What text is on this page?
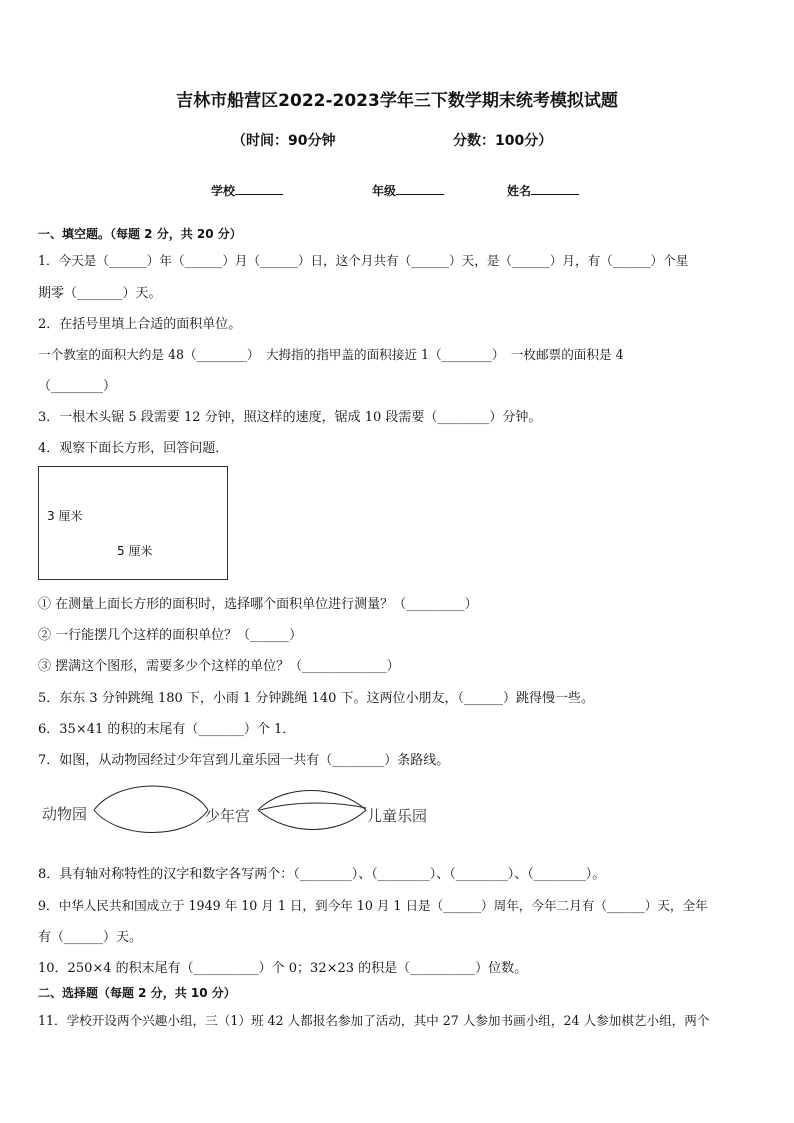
吉林市船营区2022-2023学年三下数学期末统考模拟试题
（时间：90分钟	分数：100分）
学校	年级	姓名
一、填空题。（每题 2 分，共 20 分）
1．今天是（______）年（______）月（______）日，这个月共有（______）天，是（______）月，有（______）个星
期零（_______）天。
2．在括号里填上合适的面积单位。
一个教室的面积大约是 48（________）　大拇指的指甲盖的面积接近 1（________）　一枚邮票的面积是 4
（________）
3．一根木头锯 5 段需要 12 分钟，照这样的速度，锯成 10 段需要（________）分钟。
4．观察下面长方形，回答问题．
3 厘米
5 厘米
① 在测量上面长方形的面积时，选择哪个面积单位进行测量？（_________）
② 一行能摆几个这样的面积单位？（______）
③ 摆满这个图形，需要多少个这样的单位？（_____________）
5．东东 3 分钟跳绳 180 下，小雨 1 分钟跳绳 140 下。这两位小朋友，（______）跳得慢一些。
6．35×41 的积的末尾有（_______）个 1．
7．如图，从动物园经过少年宫到儿童乐园一共有（________）条路线。
动物园	少年宫	儿童乐园
8．具有轴对称特性的汉字和数字各写两个：（________）、（________）、（________）、（________）。
9．中华人民共和国成立于 1949 年 10 月 1 日，到今年 10 月 1 日是（______）周年，今年二月有（______）天，全年
有（______）天。
10．250×4 的积末尾有（__________）个 0；32×23 的积是（__________）位数。
二、选择题（每题 2 分，共 10 分）
11．学校开设两个兴趣小组，三（1）班 42 人都报名参加了活动，其中 27 人参加书画小组，24 人参加棋艺小组，两个
